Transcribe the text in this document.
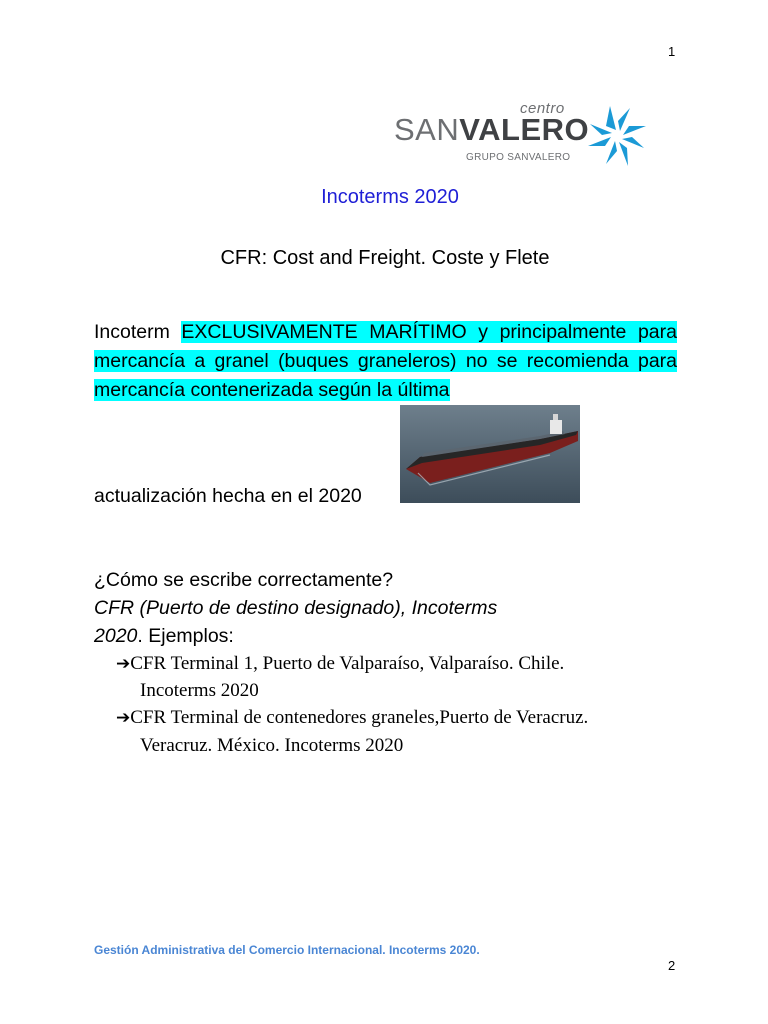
1
centro
SANVALERO
GRUPO SANVALERO
Incoterms 2020
CFR: Cost and Freight. Coste y Flete
Incoterm EXCLUSIVAMENTE MARÍTIMO y principalmente para mercancía a granel (buques graneleros) no se recomienda para mercancía contenerizada según la última
actualización hecha en el 2020
¿Cómo se escribe correctamente?
CFR (Puerto de destino designado), Incoterms
2020. Ejemplos:
➔CFR Terminal 1, Puerto de Valparaíso, Valparaíso. Chile.
Incoterms 2020
➔CFR Terminal de contenedores graneles,Puerto de Veracruz.
Veracruz. México. Incoterms 2020
Gestión Administrativa del Comercio Internacional. Incoterms 2020.
2
